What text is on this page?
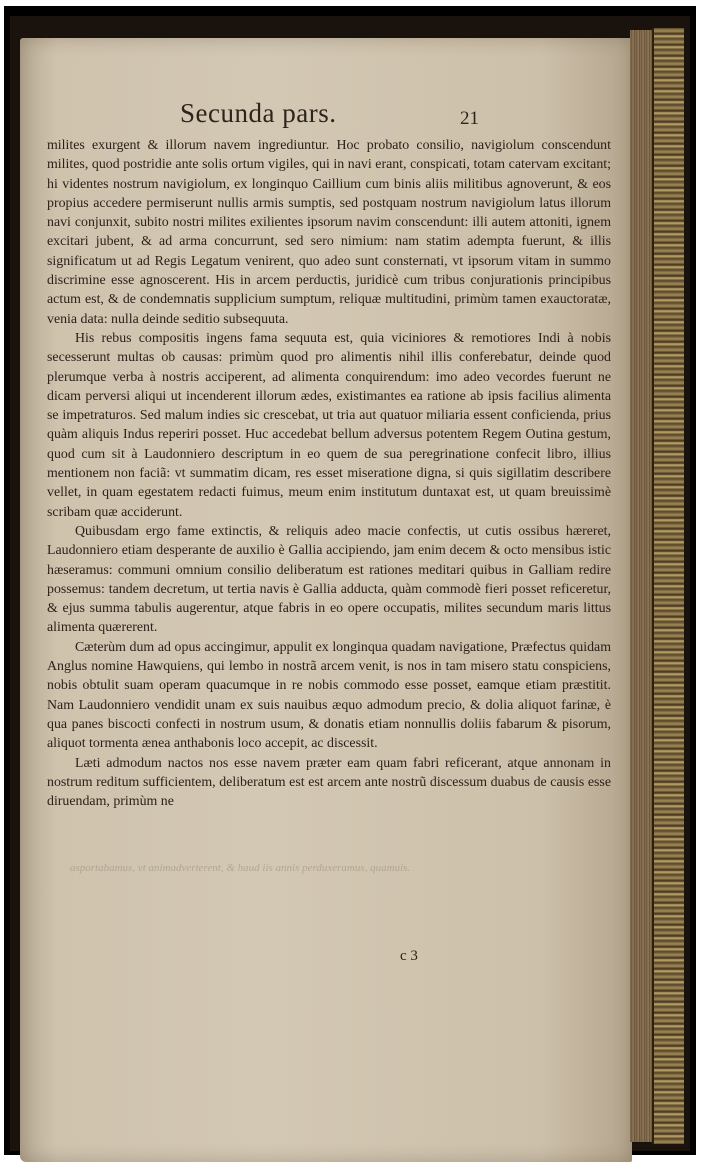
Secunda pars.	21

milites exurgent & illorum navem ingrediuntur. Hoc probato consilio, navigiolum conscendunt milites, quod postridie ante solis ortum vigiles, qui in navi erant, conspicati, totam catervam excitant; hi videntes nostrum navigiolum, ex longinquo Caillium cum binis aliis militibus agnoverunt, & eos propius accedere permiserunt nullis armis sumptis, sed postquam nostrum navigiolum latus illorum navi conjunxit, subito nostri milites exilientes ipsorum navim conscendunt: illi autem attoniti, ignem excitari jubent, & ad arma concurrunt, sed sero nimium: nam statim adempta fuerunt, & illis significatum ut ad Regis Legatum venirent, quo adeo sunt consternati, vt ipsorum vitam in summo discrimine esse agnoscerent. His in arcem perductis, juridicè cum tribus conjurationis principibus actum est, & de condemnatis supplicium sumptum, reliquæ multitudini, primùm tamen exauctoratæ, venia data: nulla deinde seditio subsequuta.

His rebus compositis ingens fama sequuta est, quia viciniores & remotiores Indi à nobis secesserunt multas ob causas: primùm quod pro alimentis nihil illis conferebatur, deinde quod plerumque verba à nostris acciperent, ad alimenta conquirendum: imo adeo vecordes fuerunt ne dicam perversi aliqui ut incenderent illorum ædes, existimantes ea ratione ab ipsis facilius alimenta se impetraturos. Sed malum indies sic crescebat, ut tria aut quatuor miliaria essent conficienda, prius quàm aliquis Indus reperiri posset. Huc accedebat bellum adversus potentem Regem Outina gestum, quod cum sit à Laudonniero descriptum in eo quem de sua peregrinatione confecit libro, illius mentionem non faciã: vt summatim dicam, res esset miseratione digna, si quis sigillatim describere vellet, in quam egestatem redacti fuimus, meum enim institutum duntaxat est, ut quam breuissimè scribam quæ acciderunt.

Quibusdam ergo fame extinctis, & reliquis adeo macie confectis, ut cutis ossibus hæreret, Laudonniero etiam desperante de auxilio è Gallia accipiendo, jam enim decem & octo mensibus istic hæseramus: communi omnium consilio deliberatum est rationes meditari quibus in Galliam redire possemus: tandem decretum, ut tertia navis è Gallia adducta, quàm commodè fieri posset reficeretur, & ejus summa tabulis augerentur, atque fabris in eo opere occupatis, milites secundum maris littus alimenta quærerent.

Cæterùm dum ad opus accingimur, appulit ex longinqua quadam navigatione, Præfectus quidam Anglus nomine Hawquiens, qui lembo in nostrã arcem venit, is nos in tam misero statu conspiciens, nobis obtulit suam operam quacumque in re nobis commodo esse posset, eamque etiam præstitit. Nam Laudonniero vendidit unam ex suis nauibus æquo admodum precio, & dolia aliquot farinæ, è qua panes biscocti confecti in nostrum usum, & donatis etiam nonnullis doliis fabarum & pisorum, aliquot tormenta ænea anthabonis loco accepit, ac discessit.

Læti admodum nactos nos esse navem præter eam quam fabri reficerant, atque annonam in nostrum reditum sufficientem, deliberatum est est arcem ante nostrũ discessum duabus de causis esse diruendam, primùm ne

asportabamus, vt animadverterent, & haud iis annis perduxeramus, quamuis.
c 3
